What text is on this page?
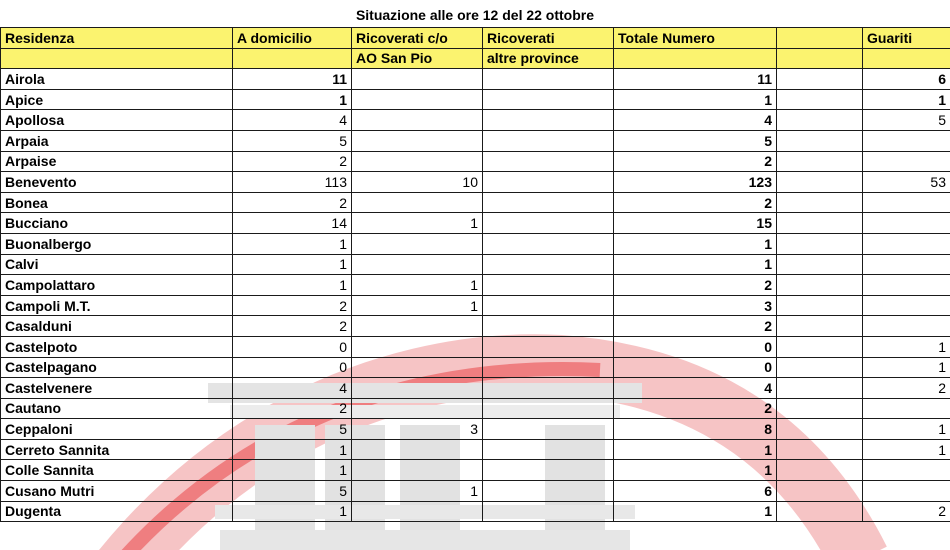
Situazione alle ore 12 del 22 ottobre
Residenza	A domicilio	Ricoverati c/o	Ricoverati	Totale Numero		Guariti
		AO San Pio	altre province			
Airola	11			11		6
Apice	1			1		1
Apollosa	4			4		5
Arpaia	5			5		
Arpaise	2			2		
Benevento	113	10		123		53
Bonea	2			2		
Bucciano	14	1		15		
Buonalbergo	1			1		
Calvi	1			1		
Campolattaro	1	1		2		
Campoli M.T.	2	1		3		
Casalduni	2			2		
Castelpoto	0			0		1
Castelpagano	0			0		1
Castelvenere	4			4		2
Cautano	2			2		
Ceppaloni	5	3		8		1
Cerreto Sannita	1			1		1
Colle Sannita	1			1		
Cusano Mutri	5	1		6		
Dugenta	1			1		2
